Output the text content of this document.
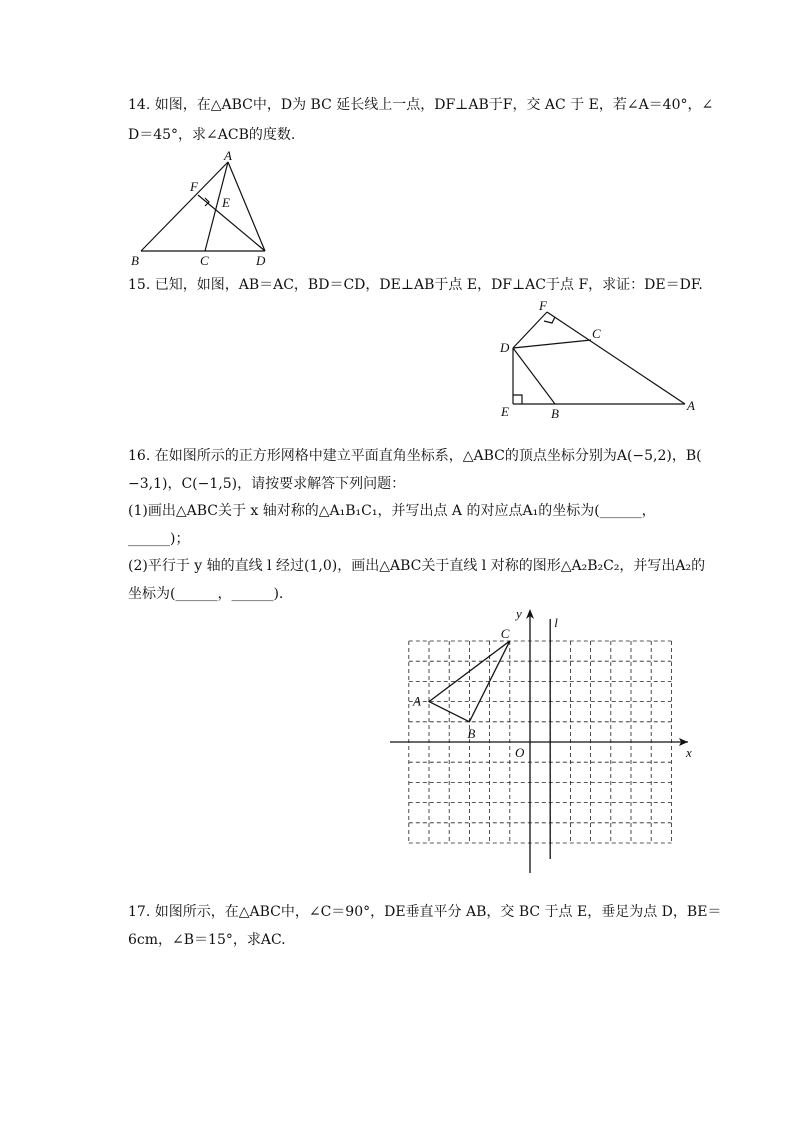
14. 如图，在△ABC中，D为 BC 延长线上一点，DF⊥AB于F，交 AC 于 E，若∠A＝40°，∠
D＝45°，求∠ACB的度数.
A
F
E
B	C	D
15. 已知，如图，AB＝AC，BD＝CD，DE⊥AB于点 E，DF⊥AC于点 F，求证：DE＝DF.
F
C
D
E	B
A
16. 在如图所示的正方形网格中建立平面直角坐标系，△ABC的顶点坐标分别为A(−5,2)，B(
−3,1)，C(−1,5)，请按要求解答下列问题：
(1)画出△ABC关于 x 轴对称的△A₁B₁C₁，并写出点 A 的对应点A₁的坐标为(______，
______)；
(2)平行于 y 轴的直线 l 经过(1,0)，画出△ABC关于直线 l 对称的图形△A₂B₂C₂，并写出A₂的
坐标为(______，______).
y
x
O
l
A
B
C
17. 如图所示，在△ABC中，∠C＝90°，DE垂直平分 AB，交 BC 于点 E，垂足为点 D，BE＝
6cm，∠B＝15°，求AC.
